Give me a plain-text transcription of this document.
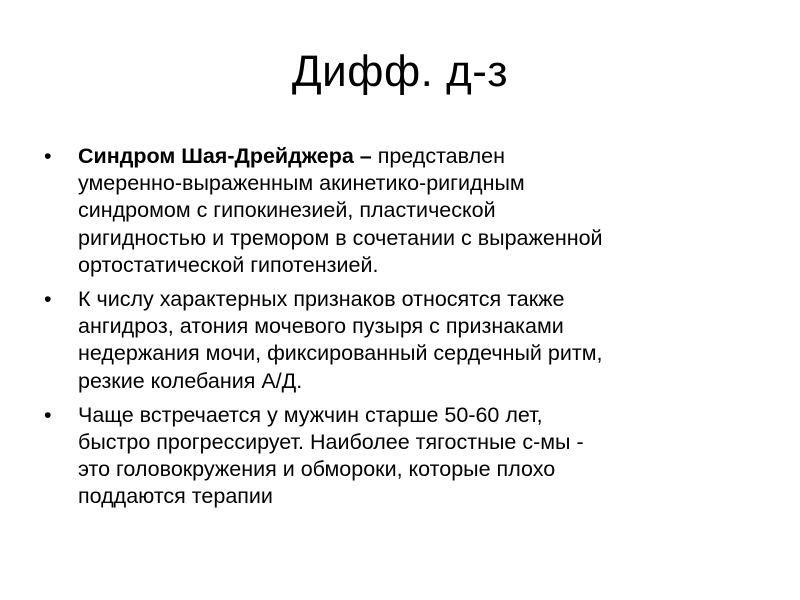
Дифф. д-з
•	Синдром Шая-Дрейджера – представлен
умеренно-выраженным акинетико-ригидным
синдромом с гипокинезией, пластической
ригидностью и тремором в сочетании с выраженной
ортостатической гипотензией.
•	К числу характерных признаков относятся также
ангидроз, атония мочевого пузыря с признаками
недержания мочи, фиксированный сердечный ритм,
резкие колебания А/Д.
•	Чаще встречается у мужчин старше 50-60 лет,
быстро прогрессирует. Наиболее тягостные с-мы -
это головокружения и обмороки, которые плохо
поддаются терапии
